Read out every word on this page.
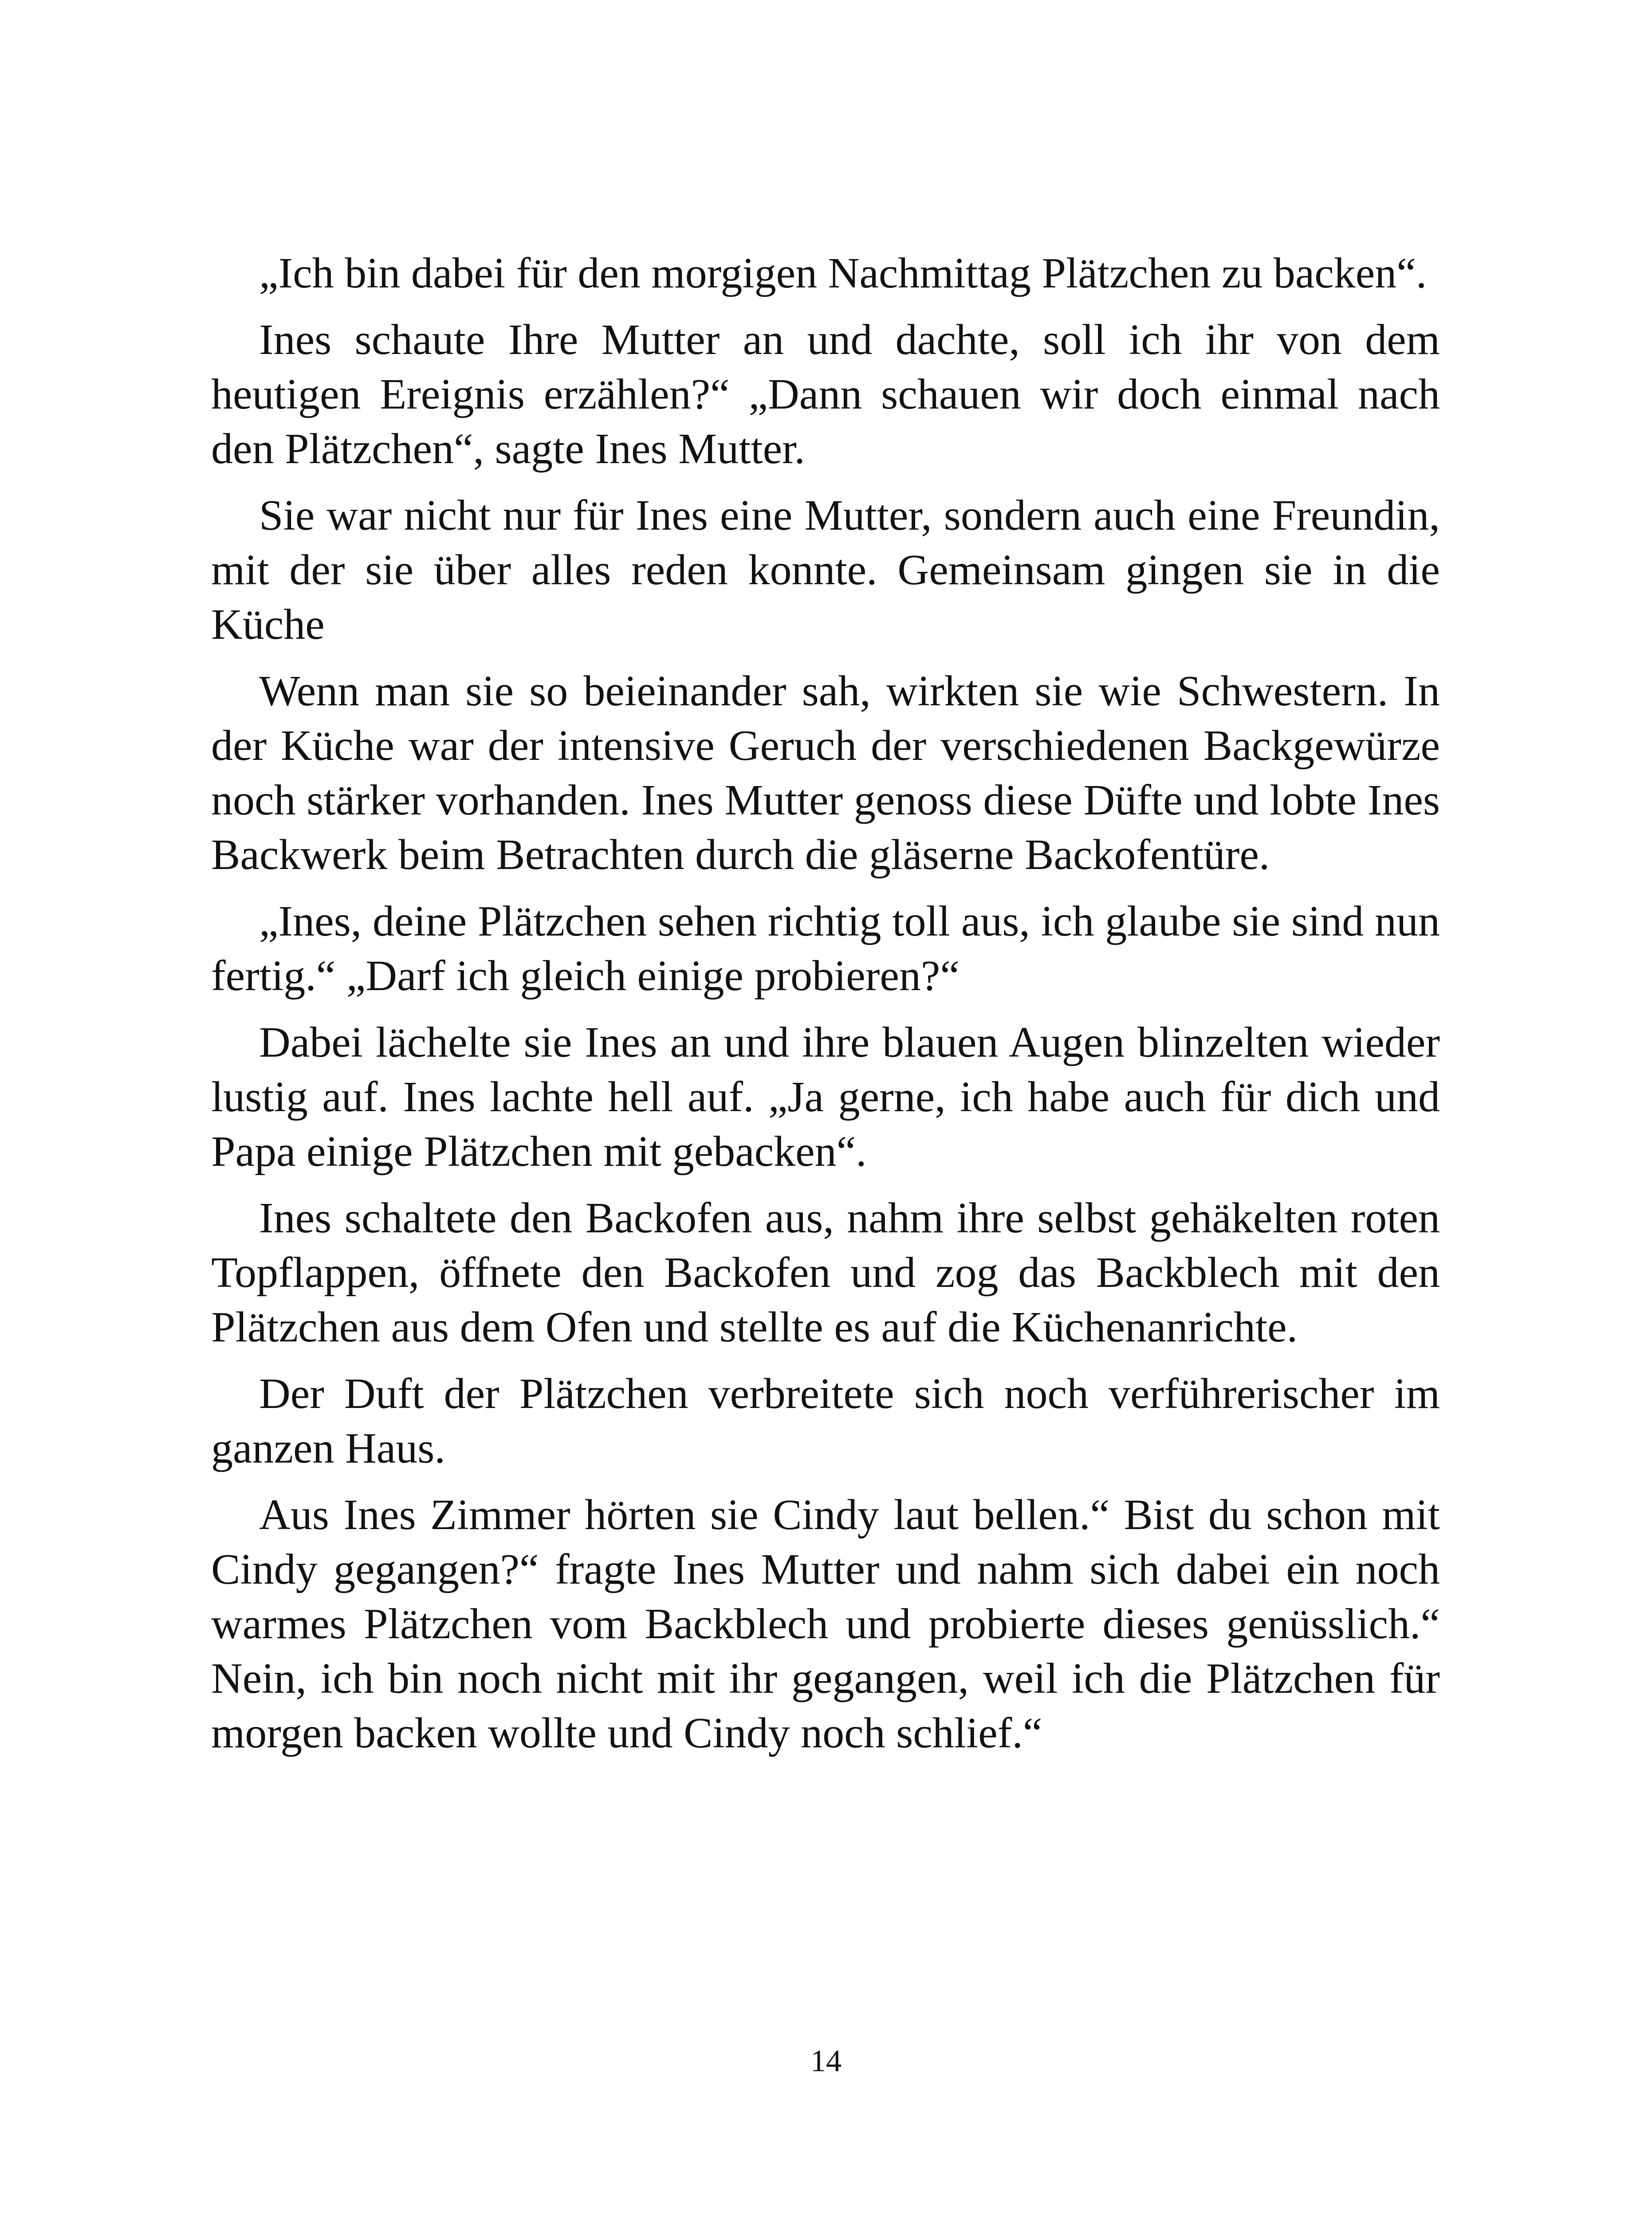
„Ich bin dabei für den morgigen Nachmittag Plätzchen zu backen“.

Ines schaute Ihre Mutter an und dachte, soll ich ihr von dem heutigen Ereignis erzählen?“ „Dann schauen wir doch einmal nach den Plätzchen“, sagte Ines Mutter.

Sie war nicht nur für Ines eine Mutter, sondern auch eine Freundin, mit der sie über alles reden konnte. Gemeinsam gingen sie in die Küche

Wenn man sie so beieinander sah, wirkten sie wie Schwestern. In der Küche war der intensive Geruch der verschiedenen Backgewürze noch stärker vorhanden. Ines Mutter genoss diese Düfte und lobte Ines Backwerk beim Betrachten durch die gläserne Backofentüre.

„Ines, deine Plätzchen sehen richtig toll aus, ich glaube sie sind nun fertig.“ „Darf ich gleich einige probieren?“

Dabei lächelte sie Ines an und ihre blauen Augen blinzelten wieder lustig auf. Ines lachte hell auf. „Ja gerne, ich habe auch für dich und Papa einige Plätzchen mit gebacken“.

Ines schaltete den Backofen aus, nahm ihre selbst gehäkelten roten Topflappen, öffnete den Backofen und zog das Backblech mit den Plätzchen aus dem Ofen und stellte es auf die Küchenanrichte.

Der Duft der Plätzchen verbreitete sich noch verführerischer im ganzen Haus.

Aus Ines Zimmer hörten sie Cindy laut bellen.“ Bist du schon mit Cindy gegangen?“ fragte Ines Mutter und nahm sich dabei ein noch warmes Plätzchen vom Backblech und probierte dieses genüsslich.“ Nein, ich bin noch nicht mit ihr gegangen, weil ich die Plätzchen für morgen backen wollte und Cindy noch schlief.“

14
